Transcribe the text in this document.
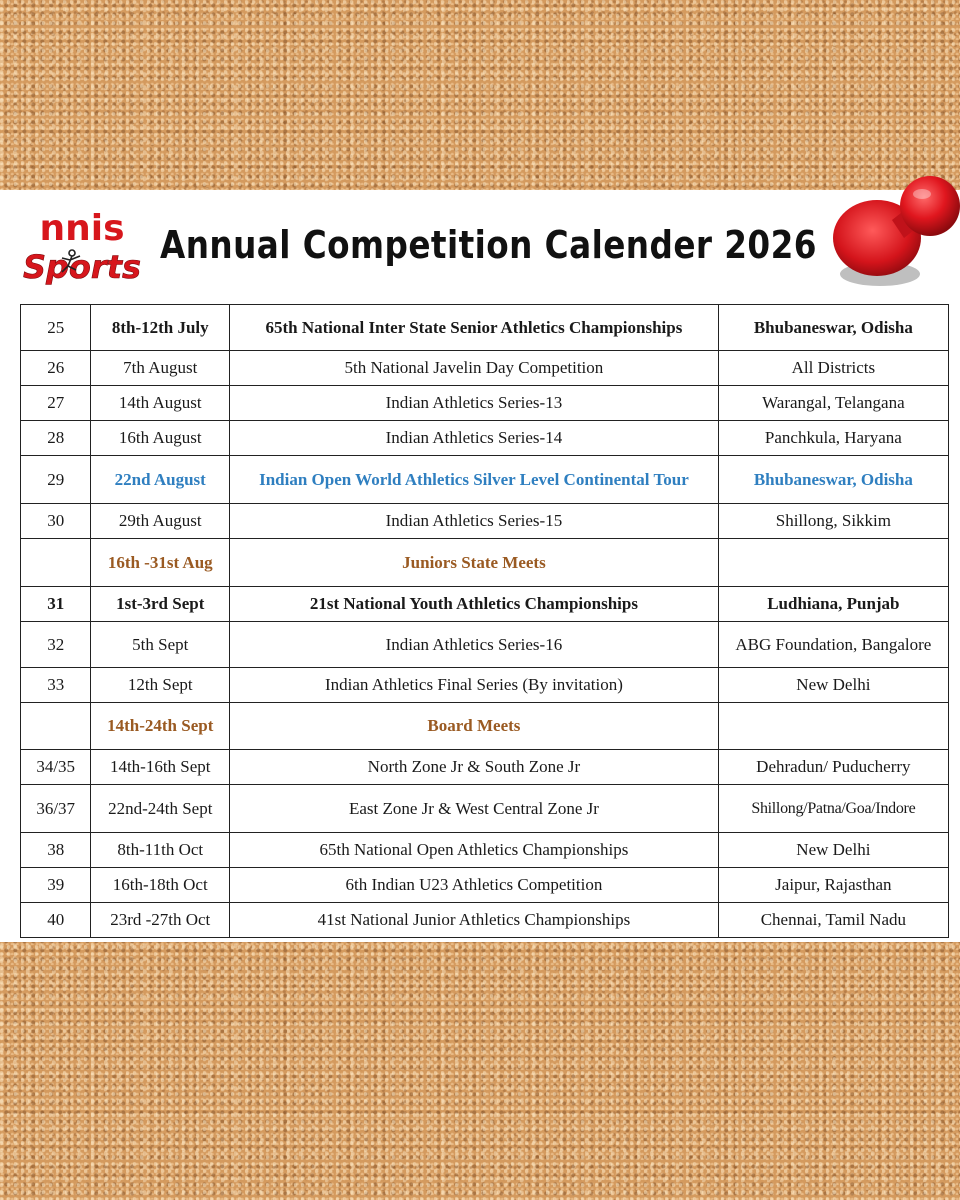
nnis
Sports Annual Competition Calender 2026
25	8th-12th July	65th National Inter State Senior Athletics Championships	Bhubaneswar, Odisha
26	7th August	5th National Javelin Day Competition	All Districts
27	14th August	Indian Athletics Series-13	Warangal, Telangana
28	16th August	Indian Athletics Series-14	Panchkula, Haryana
29	22nd August	Indian Open World Athletics Silver Level Continental Tour	Bhubaneswar, Odisha
30	29th August	Indian Athletics Series-15	Shillong, Sikkim
	16th -31st Aug	Juniors State Meets	
31	1st-3rd Sept	21st National Youth Athletics Championships	Ludhiana, Punjab
32	5th Sept	Indian Athletics Series-16	ABG Foundation, Bangalore
33	12th Sept	Indian Athletics Final Series (By invitation)	New Delhi
	14th-24th Sept	Board Meets	
34/35	14th-16th Sept	North Zone Jr & South Zone Jr	Dehradun/ Puducherry
36/37	22nd-24th Sept	East Zone Jr & West Central Zone Jr	Shillong/Patna/Goa/Indore
38	8th-11th Oct	65th National Open Athletics Championships	New Delhi
39	16th-18th Oct	6th Indian U23 Athletics Competition	Jaipur, Rajasthan
40	23rd -27th Oct	41st National Junior Athletics Championships	Chennai, Tamil Nadu
